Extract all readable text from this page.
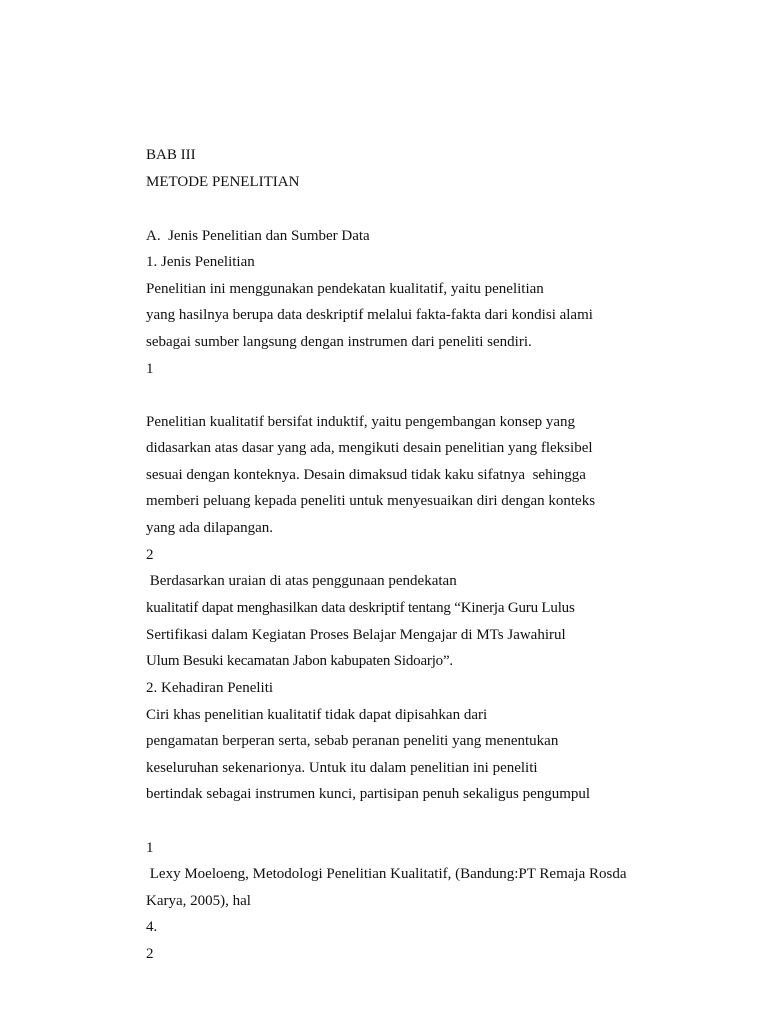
BAB III

METODE PENELITIAN

A.  Jenis Penelitian dan Sumber Data

1. Jenis Penelitian

Penelitian ini menggunakan pendekatan kualitatif, yaitu penelitian

yang hasilnya berupa data deskriptif melalui fakta-fakta dari kondisi alami

sebagai sumber langsung dengan instrumen dari peneliti sendiri.

1

Penelitian kualitatif bersifat induktif, yaitu pengembangan konsep yang

didasarkan atas dasar yang ada, mengikuti desain penelitian yang fleksibel

sesuai dengan konteknya. Desain dimaksud tidak kaku sifatnya  sehingga

memberi peluang kepada peneliti untuk menyesuaikan diri dengan konteks

yang ada dilapangan.

2

Berdasarkan uraian di atas penggunaan pendekatan

kualitatif dapat menghasilkan data deskriptif tentang “Kinerja Guru Lulus

Sertifikasi dalam Kegiatan Proses Belajar Mengajar di MTs Jawahirul

Ulum Besuki kecamatan Jabon kabupaten Sidoarjo”.

2. Kehadiran Peneliti

Ciri khas penelitian kualitatif tidak dapat dipisahkan dari

pengamatan berperan serta, sebab peranan peneliti yang menentukan

keseluruhan sekenarionya. Untuk itu dalam penelitian ini peneliti

bertindak sebagai instrumen kunci, partisipan penuh sekaligus pengumpul

1

Lexy Moeloeng, Metodologi Penelitian Kualitatif, (Bandung:PT Remaja Rosda

Karya, 2005), hal

4.

2
